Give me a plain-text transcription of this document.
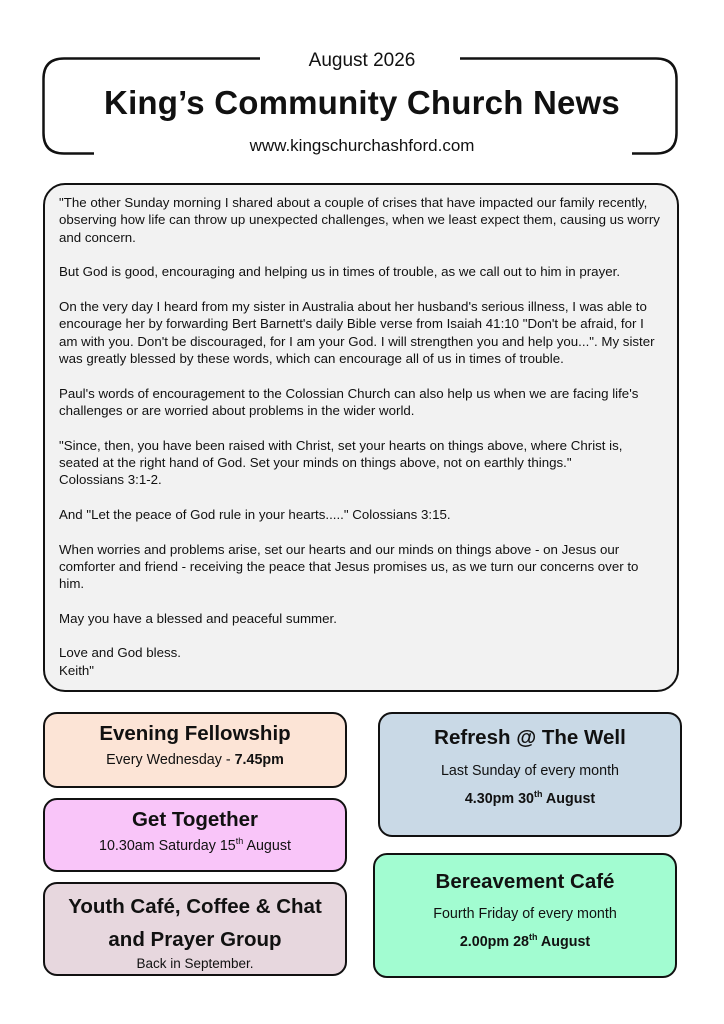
August 2026
King’s Community Church News
www.kingschurchashford.com

"The other Sunday morning I shared about a couple of crises that have impacted our family recently, observing how life can throw up unexpected challenges, when we least expect them, causing us worry and concern.

But God is good, encouraging and helping us in times of trouble, as we call out to him in prayer.

On the very day I heard from my sister in Australia about her husband's serious illness, I was able to encourage her by forwarding Bert Barnett's daily Bible verse from Isaiah 41:10 "Don't be afraid, for I am with you. Don't be discouraged, for I am your God. I will strengthen you and help you...". My sister was greatly blessed by these words, which can encourage all of us in times of trouble.

Paul's words of encouragement to the Colossian Church can also help us when we are facing life's challenges or are worried about problems in the wider world.

"Since, then, you have been raised with Christ, set your hearts on things above, where Christ is, seated at the right hand of God. Set your minds on things above, not on earthly things."

Colossians 3:1-2.

And "Let the peace of God rule in your hearts....." Colossians 3:15.

When worries and problems arise, set our hearts and our minds on things above - on Jesus our comforter and friend - receiving the peace that Jesus promises us, as we turn our concerns over to him.

May you have a blessed and peaceful summer.

Love and God bless.

Keith"

Evening Fellowship
Every Wednesday - 7.45pm
Get Together
10.30am Saturday 15th August
Youth Café, Coffee & Chat
and Prayer Group
Back in September.
Refresh @ The Well
Last Sunday of every month
4.30pm 30th August
Bereavement Café
Fourth Friday of every month
2.00pm 28th August
